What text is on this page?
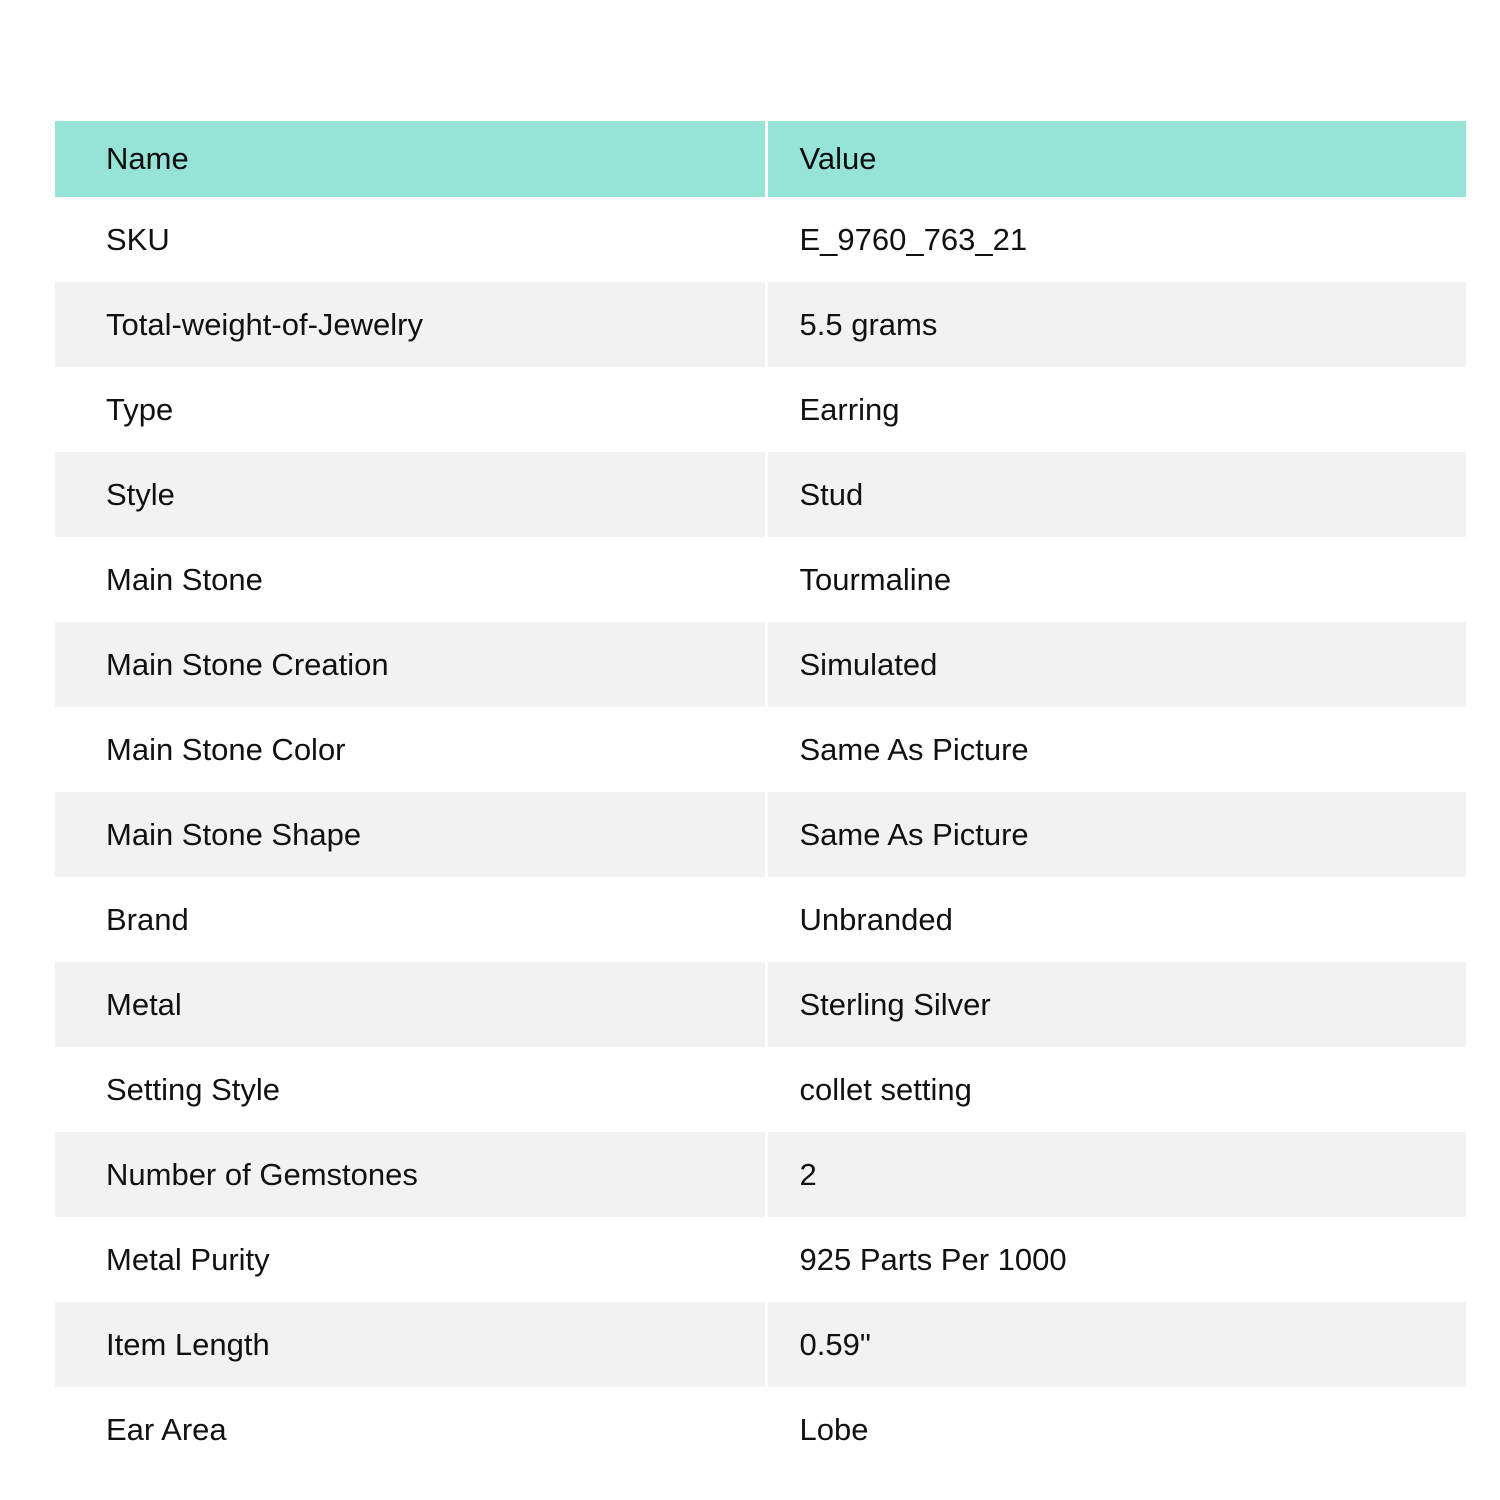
Name	Value
SKU	E_9760_763_21
Total-weight-of-Jewelry	5.5 grams
Type	Earring
Style	Stud
Main Stone	Tourmaline
Main Stone Creation	Simulated
Main Stone Color	Same As Picture
Main Stone Shape	Same As Picture
Brand	Unbranded
Metal	Sterling Silver
Setting Style	collet setting
Number of Gemstones	2
Metal Purity	925 Parts Per 1000
Item Length	0.59"
Ear Area	Lobe
